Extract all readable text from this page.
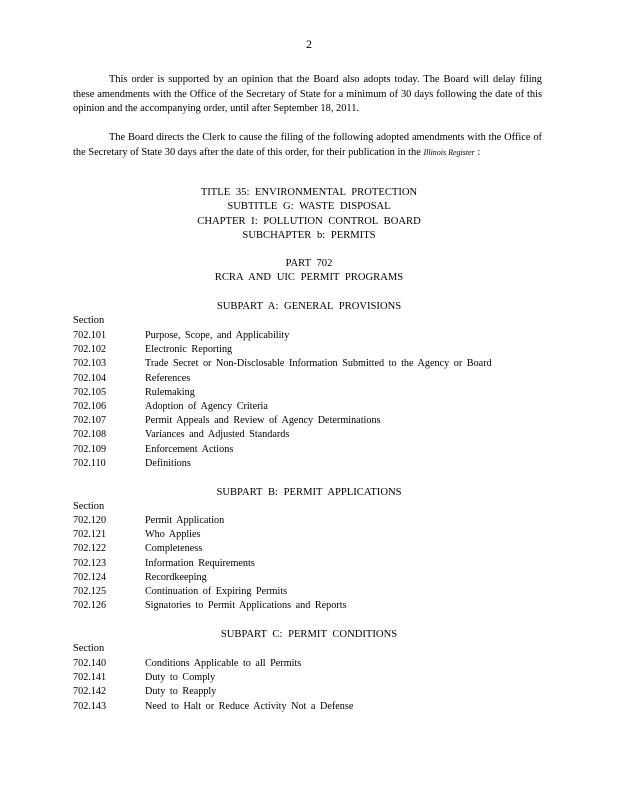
2

This order is supported by an opinion that the Board also adopts today. The Board will delay filing these amendments with the Office of the Secretary of State for a minimum of 30 days following the date of this opinion and the accompanying order, until after September 18, 2011.

The Board directs the Clerk to cause the filing of the following adopted amendments with the Office of the Secretary of State 30 days after the date of this order, for their publication in the Illinois Register :

TITLE 35: ENVIRONMENTAL PROTECTION
SUBTITLE G: WASTE DISPOSAL
CHAPTER I: POLLUTION CONTROL BOARD
SUBCHAPTER b: PERMITS
PART 702
RCRA AND UIC PERMIT PROGRAMS
SUBPART A: GENERAL PROVISIONS
Section
702.101	Purpose, Scope, and Applicability
702.102	Electronic Reporting
702.103	Trade Secret or Non-Disclosable Information Submitted to the Agency or Board
702.104	References
702.105	Rulemaking
702.106	Adoption of Agency Criteria
702.107	Permit Appeals and Review of Agency Determinations
702.108	Variances and Adjusted Standards
702.109	Enforcement Actions
702.110	Definitions
SUBPART B: PERMIT APPLICATIONS
Section
702.120	Permit Application
702.121	Who Applies
702.122	Completeness
702.123	Information Requirements
702.124	Recordkeeping
702.125	Continuation of Expiring Permits
702.126	Signatories to Permit Applications and Reports
SUBPART C: PERMIT CONDITIONS
Section
702.140	Conditions Applicable to all Permits
702.141	Duty to Comply
702.142	Duty to Reapply
702.143	Need to Halt or Reduce Activity Not a Defense
